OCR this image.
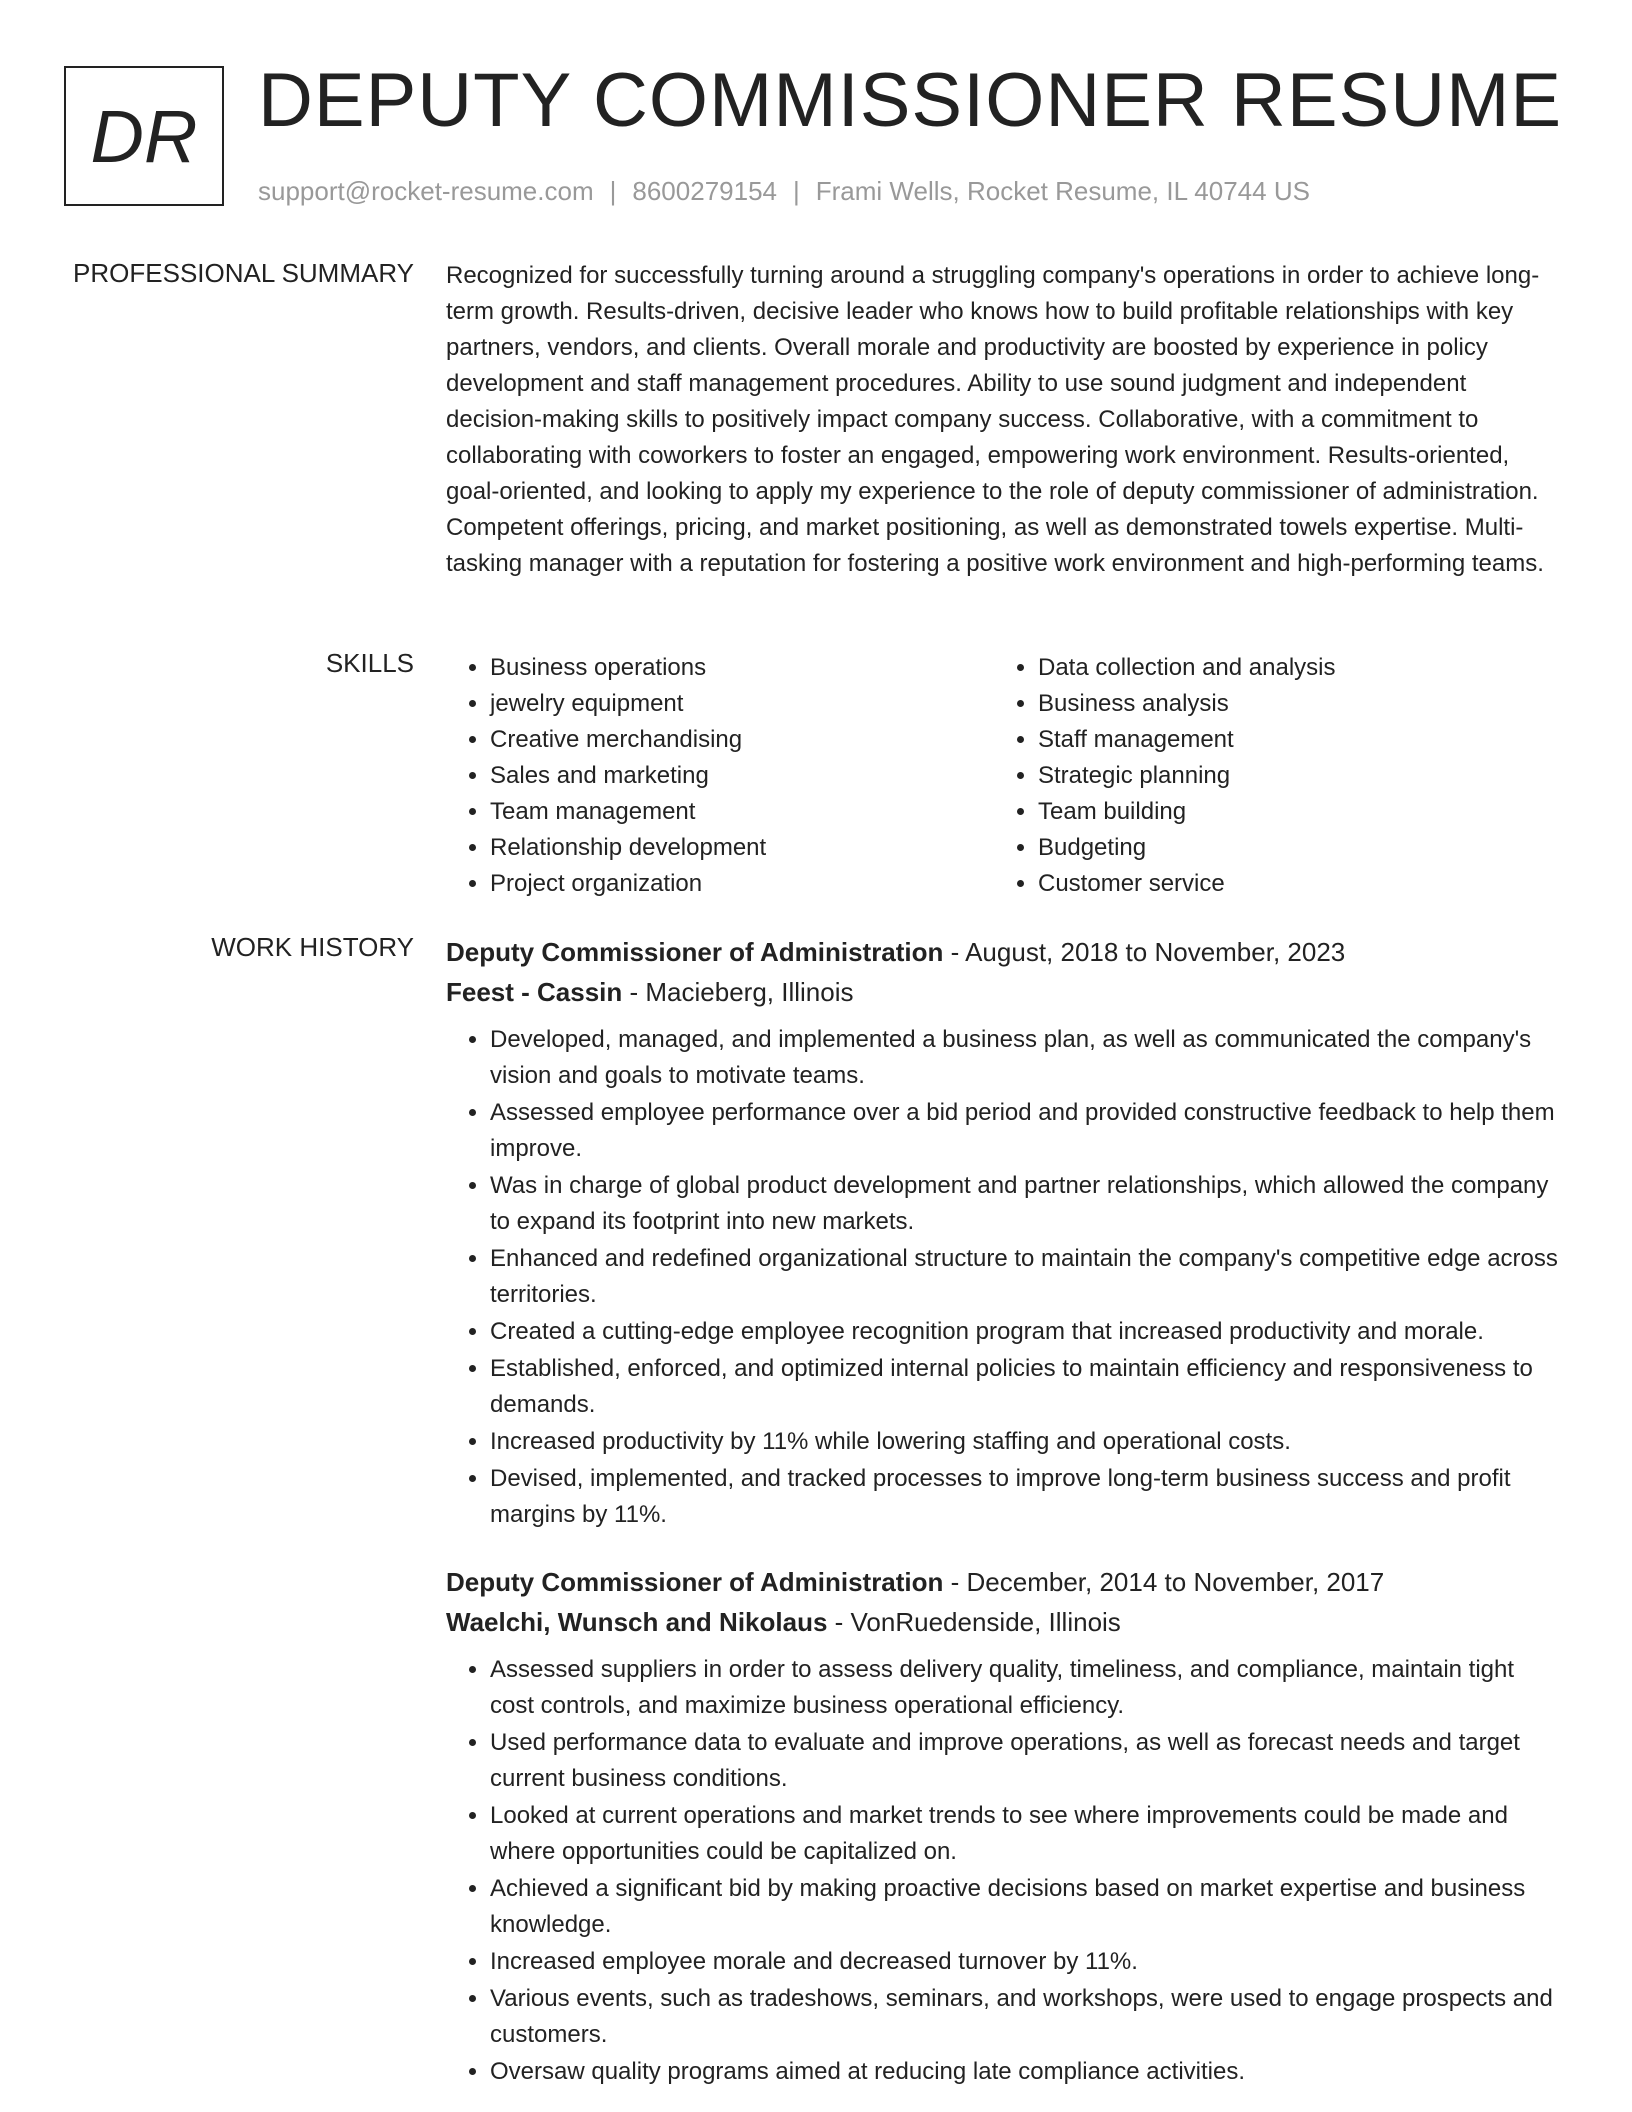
DR DEPUTY COMMISSIONER RESUME
support@rocket-resume.com | 8600279154 | Frami Wells, Rocket Resume, IL 40744 US
PROFESSIONAL SUMMARY Recognized for successfully turning around a struggling company's operations in order to achieve long-term growth. Results-driven, decisive leader who knows how to build profitable relationships with key partners, vendors, and clients. Overall morale and productivity are boosted by experience in policy development and staff management procedures. Ability to use sound judgment and independent decision-making skills to positively impact company success. Collaborative, with a commitment to collaborating with coworkers to foster an engaged, empowering work environment. Results-oriented, goal-oriented, and looking to apply my experience to the role of deputy commissioner of administration. Competent offerings, pricing, and market positioning, as well as demonstrated towels expertise. Multi-tasking manager with a reputation for fostering a positive work environment and high-performing teams.

SKILLS
•	Business operations
• jewelry equipment
• Creative merchandising
• Sales and marketing
• Team management
• Relationship development
• Project organization
• Data collection and analysis
• Business analysis
• Staff management
• Strategic planning
• Team building
• Budgeting
• Customer service
WORK HISTORY Deputy Commissioner of Administration - August, 2018 to November, 2023
Feest - Cassin - Macieberg, Illinois
• Developed, managed, and implemented a business plan, as well as communicated the company's vision and goals to motivate teams.
• Assessed employee performance over a bid period and provided constructive feedback to help them improve.
• Was in charge of global product development and partner relationships, which allowed the company to expand its footprint into new markets.
• Enhanced and redefined organizational structure to maintain the company's competitive edge across territories.
• Created a cutting-edge employee recognition program that increased productivity and morale.
• Established, enforced, and optimized internal policies to maintain efficiency and responsiveness to demands.
• Increased productivity by 11% while lowering staffing and operational costs.
• Devised, implemented, and tracked processes to improve long-term business success and profit margins by 11%.
Deputy Commissioner of Administration - December, 2014 to November, 2017
Waelchi, Wunsch and Nikolaus - VonRuedenside, Illinois
• Assessed suppliers in order to assess delivery quality, timeliness, and compliance, maintain tight cost controls, and maximize business operational efficiency.
• Used performance data to evaluate and improve operations, as well as forecast needs and target current business conditions.
• Looked at current operations and market trends to see where improvements could be made and where opportunities could be capitalized on.
• Achieved a significant bid by making proactive decisions based on market expertise and business knowledge.
• Increased employee morale and decreased turnover by 11%.
• Various events, such as tradeshows, seminars, and workshops, were used to engage prospects and customers.
• Oversaw quality programs aimed at reducing late compliance activities.
